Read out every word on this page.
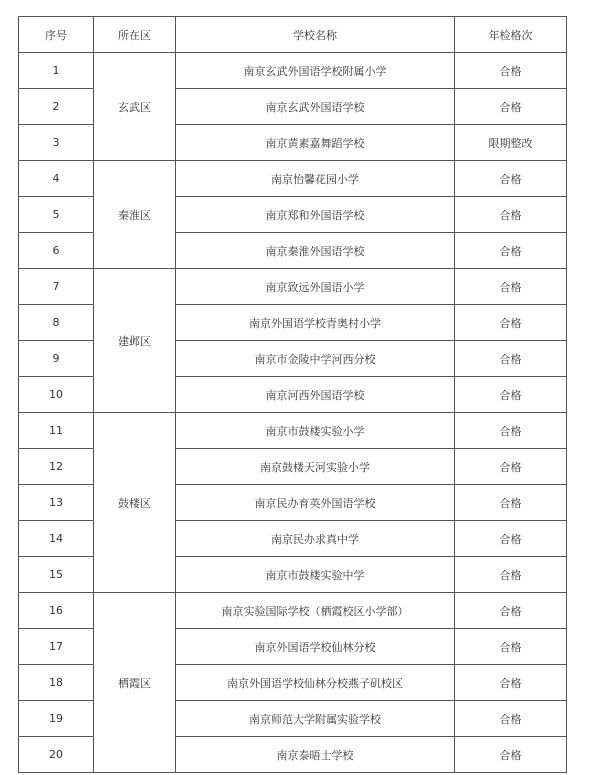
序号	所在区	学校名称	年检格次
1	玄武区	南京玄武外国语学校附属小学	合格
2		南京玄武外国语学校	合格
3		南京黄素嘉舞蹈学校	限期整改
4	秦淮区	南京怡馨花园小学	合格
5		南京郑和外国语学校	合格
6		南京秦淮外国语学校	合格
7	建邺区	南京致远外国语小学	合格
8		南京外国语学校青奥村小学	合格
9		南京市金陵中学河西分校	合格
10		南京河西外国语学校	合格
11	鼓楼区	南京市鼓楼实验小学	合格
12		南京鼓楼天河实验小学	合格
13		南京民办育英外国语学校	合格
14		南京民办求真中学	合格
15		南京市鼓楼实验中学	合格
16	栖霞区	南京实验国际学校（栖霞校区小学部）	合格
17		南京外国语学校仙林分校	合格
18		南京外国语学校仙林分校燕子矶校区	合格
19		南京师范大学附属实验学校	合格
20		南京泰晤士学校	合格
